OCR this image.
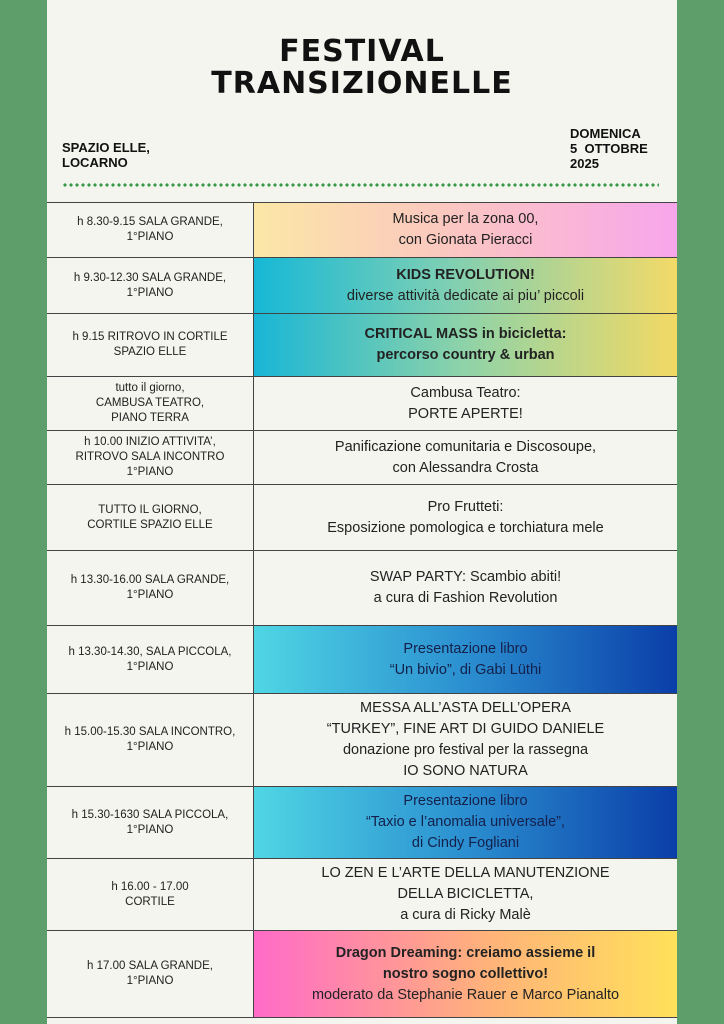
FESTIVAL
TRANSIZIONELLE
SPAZIO ELLE,
LOCARNO
DOMENICA
5  OTTOBRE
2025
h 8.30-9.15 SALA GRANDE,
1°PIANO
Musica per la zona 00,
con Gionata Pieracci
h 9.30-12.30 SALA GRANDE,
1°PIANO
KIDS REVOLUTION!
diverse attività dedicate ai piu’ piccoli
h 9.15 RITROVO IN CORTILE
SPAZIO ELLE
CRITICAL MASS in bicicletta:
percorso country & urban
tutto il giorno,
CAMBUSA TEATRO,
PIANO TERRA
Cambusa Teatro:
PORTE APERTE!
h 10.00 INIZIO ATTIVITA’,
RITROVO SALA INCONTRO
1°PIANO
Panificazione comunitaria e Discosoupe,
con Alessandra Crosta
TUTTO IL GIORNO,
CORTILE SPAZIO ELLE
Pro Frutteti:
Esposizione pomologica e torchiatura mele
h 13.30-16.00 SALA GRANDE,
1°PIANO
SWAP PARTY: Scambio abiti!
a cura di Fashion Revolution
h 13.30-14.30, SALA PICCOLA,
1°PIANO
Presentazione libro
“Un bivio”, di Gabi Lüthi
h 15.00-15.30 SALA INCONTRO,
1°PIANO
MESSA ALL’ASTA DELL’OPERA
“TURKEY”, FINE ART DI GUIDO DANIELE
donazione pro festival per la rassegna
IO SONO NATURA
h 15.30-1630 SALA PICCOLA,
1°PIANO
Presentazione libro
“Taxio e l’anomalia universale”,
di Cindy Fogliani
h 16.00 - 17.00
CORTILE
LO ZEN E L’ARTE DELLA MANUTENZIONE
DELLA BICICLETTA,
a cura di Ricky Malè
h 17.00 SALA GRANDE,
1°PIANO
Dragon Dreaming: creiamo assieme il
nostro sogno collettivo!
moderato da Stephanie Rauer e Marco Pianalto
